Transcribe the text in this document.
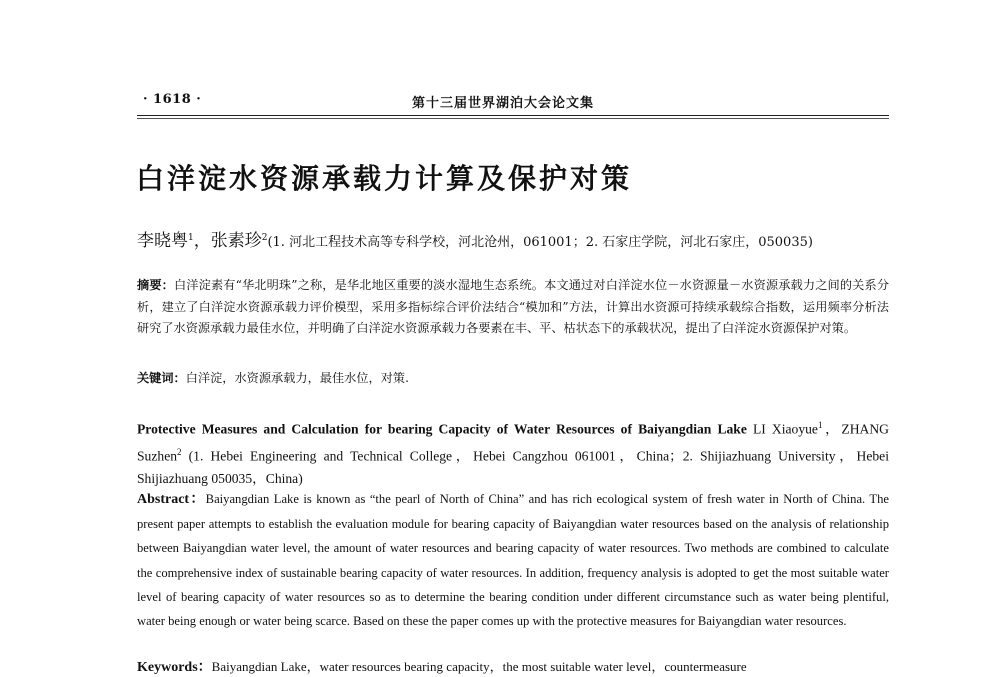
· 1618 ·	第十三届世界湖泊大会论文集
白洋淀水资源承载力计算及保护对策
李晓粤$^1$，张素珍$^2$(1. 河北工程技术高等专科学校，河北沧州，061001；2. 石家庄学院，河北石家庄，050035)
摘要：白洋淀素有“华北明珠”之称，是华北地区重要的淡水湿地生态系统。本文通过对白洋淀水位－水资源量－水资源承载力之间的关系分析，建立了白洋淀水资源承载力评价模型，采用多指标综合评价法结合“模加和”方法，计算出水资源可持续承载综合指数，运用频率分析法研究了水资源承载力最佳水位，并明确了白洋淀水资源承载力各要素在丰、平、枯状态下的承载状况，提出了白洋淀水资源保护对策。
关键词：白洋淀，水资源承载力，最佳水位，对策.
Protective Measures and Calculation for bearing Capacity of Water Resources of Baiyangdian Lake LI Xiaoyue$^1$，ZHANG Suzhen$^2$ (1. Hebei Engineering and Technical College，Hebei Cangzhou 061001，China；2. Shijiazhuang University，Hebei Shijiazhuang 050035，China)
Abstract：Baiyangdian Lake is known as “the pearl of North of China” and has rich ecological system of fresh water in North of China. The present paper attempts to establish the evaluation module for bearing capacity of Baiyangdian water resources based on the analysis of relationship between Baiyangdian water level, the amount of water resources and bearing capacity of water resources. Two methods are combined to calculate the comprehensive index of sustainable bearing capacity of water resources. In addition, frequency analysis is adopted to get the most suitable water level of bearing capacity of water resources so as to determine the bearing condition under different circumstance such as water being plentiful, water being enough or water being scarce. Based on these the paper comes up with the protective measures for Baiyangdian water resources.
Keywords：Baiyangdian Lake，water resources bearing capacity，the most suitable water level，countermeasure
